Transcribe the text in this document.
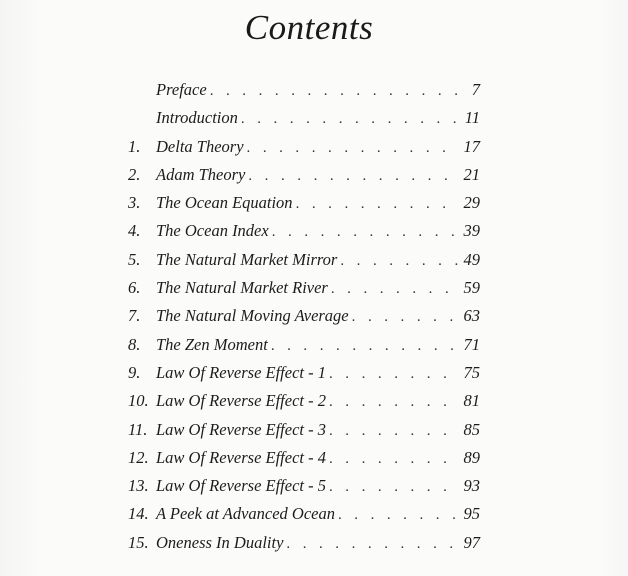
Contents
Preface . . .	7
Introduction . . .	11
1. Delta Theory . . .	17
2. Adam Theory . . .	21
3. The Ocean Equation . . .	29
4. The Ocean Index . . .	39
5. The Natural Market Mirror . . .	49
6. The Natural Market River . . .	59
7. The Natural Moving Average . . .	63
8. The Zen Moment . . .	71
9. Law Of Reverse Effect - 1 . . .	75
10. Law Of Reverse Effect - 2 . . .	81
11. Law Of Reverse Effect - 3 . . .	85
12. Law Of Reverse Effect - 4 . . .	89
13. Law Of Reverse Effect - 5 . . .	93
14. A Peek at Advanced Ocean . . .	95
15. Oneness In Duality . . .	97
